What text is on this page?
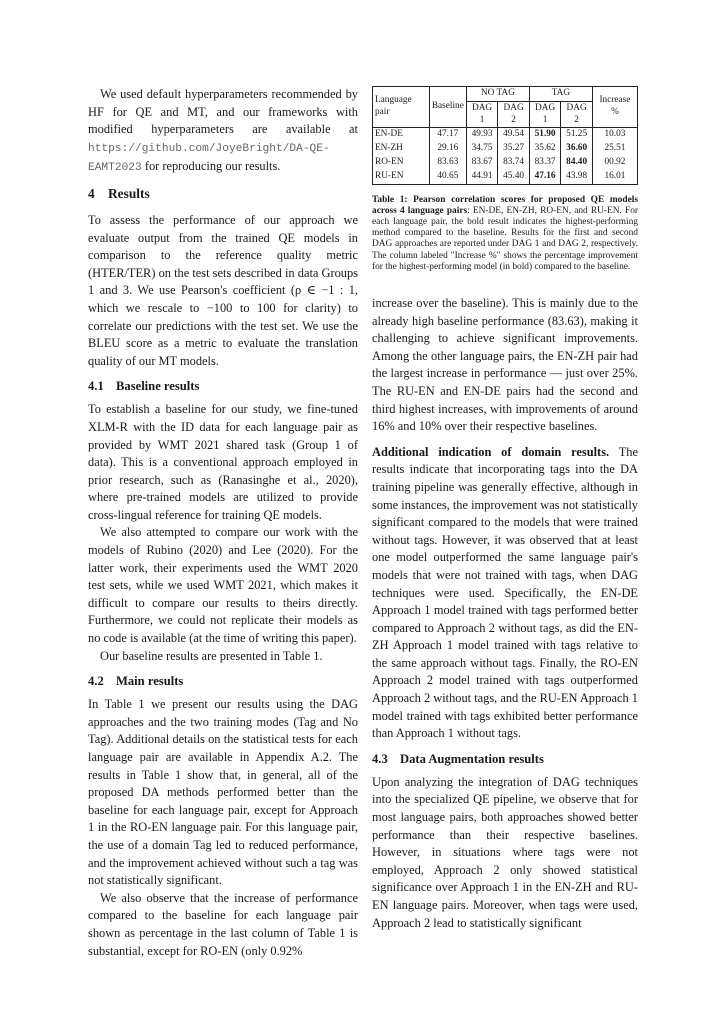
We used default hyperparameters recommended by HF for QE and MT, and our frameworks with modified hyperparameters are available at https://github.com/JoyeBright/DA-QE-EAMT2023 for reproducing our results.

4 Results

To assess the performance of our approach we evaluate output from the trained QE models in comparison to the reference quality metric (HTER/TER) on the test sets described in data Groups 1 and 3. We use Pearson's coefficient (ρ ∈ −1 : 1, which we rescale to −100 to 100 for clarity) to correlate our predictions with the test set. We use the BLEU score as a metric to evaluate the translation quality of our MT models.

4.1 Baseline results

To establish a baseline for our study, we fine-tuned XLM-R with the ID data for each language pair as provided by WMT 2021 shared task (Group 1 of data). This is a conventional approach employed in prior research, such as (Ranasinghe et al., 2020), where pre-trained models are utilized to provide cross-lingual reference for training QE models.

We also attempted to compare our work with the models of Rubino (2020) and Lee (2020). For the latter work, their experiments used the WMT 2020 test sets, while we used WMT 2021, which makes it difficult to compare our results to theirs directly. Furthermore, we could not replicate their models as no code is available (at the time of writing this paper).

Our baseline results are presented in Table 1.

4.2 Main results

In Table 1 we present our results using the DAG approaches and the two training modes (Tag and No Tag). Additional details on the statistical tests for each language pair are available in Appendix A.2. The results in Table 1 show that, in general, all of the proposed DA methods performed better than the baseline for each language pair, except for Approach 1 in the RO-EN language pair. For this language pair, the use of a domain Tag led to reduced performance, and the improvement achieved without such a tag was not statistically significant.

We also observe that the increase of performance compared to the baseline for each language pair shown as percentage in the last column of Table 1 is substantial, except for RO-EN (only 0.92%

Language pair	Baseline	NO TAG		TAG		Increase %
		DAG 1	DAG 2	DAG 1	DAG 2	
EN-DE	47.17	49.93	49.54	51.90	51.25	10.03
EN-ZH	29.16	34.75	35.27	35.62	36.60	25.51
RO-EN	83.63	83.67	83.74	83.37	84.40	00.92
RU-EN	40.65	44.91	45.40	47.16	43.98	16.01

Table 1: Pearson correlation scores for proposed QE models across 4 language pairs: EN-DE, EN-ZH, RO-EN, and RU-EN. For each language pair, the bold result indicates the highest-performing method compared to the baseline. Results for the first and second DAG approaches are reported under DAG 1 and DAG 2, respectively. The column labeled "Increase %" shows the percentage improvement for the highest-performing model (in bold) compared to the baseline.

increase over the baseline). This is mainly due to the already high baseline performance (83.63), making it challenging to achieve significant improvements. Among the other language pairs, the EN-ZH pair had the largest increase in performance — just over 25%. The RU-EN and EN-DE pairs had the second and third highest increases, with improvements of around 16% and 10% over their respective baselines.

Additional indication of domain results. The results indicate that incorporating tags into the DA training pipeline was generally effective, although in some instances, the improvement was not statistically significant compared to the models that were trained without tags. However, it was observed that at least one model outperformed the same language pair's models that were not trained with tags, when DAG techniques were used. Specifically, the EN-DE Approach 1 model trained with tags performed better compared to Approach 2 without tags, as did the EN-ZH Approach 1 model trained with tags relative to the same approach without tags. Finally, the RO-EN Approach 2 model trained with tags outperformed Approach 2 without tags, and the RU-EN Approach 1 model trained with tags exhibited better performance than Approach 1 without tags.

4.3 Data Augmentation results

Upon analyzing the integration of DAG techniques into the specialized QE pipeline, we observe that for most language pairs, both approaches showed better performance than their respective baselines. However, in situations where tags were not employed, Approach 2 only showed statistical significance over Approach 1 in the EN-ZH and RU-EN language pairs. Moreover, when tags were used, Approach 2 lead to statistically significant
